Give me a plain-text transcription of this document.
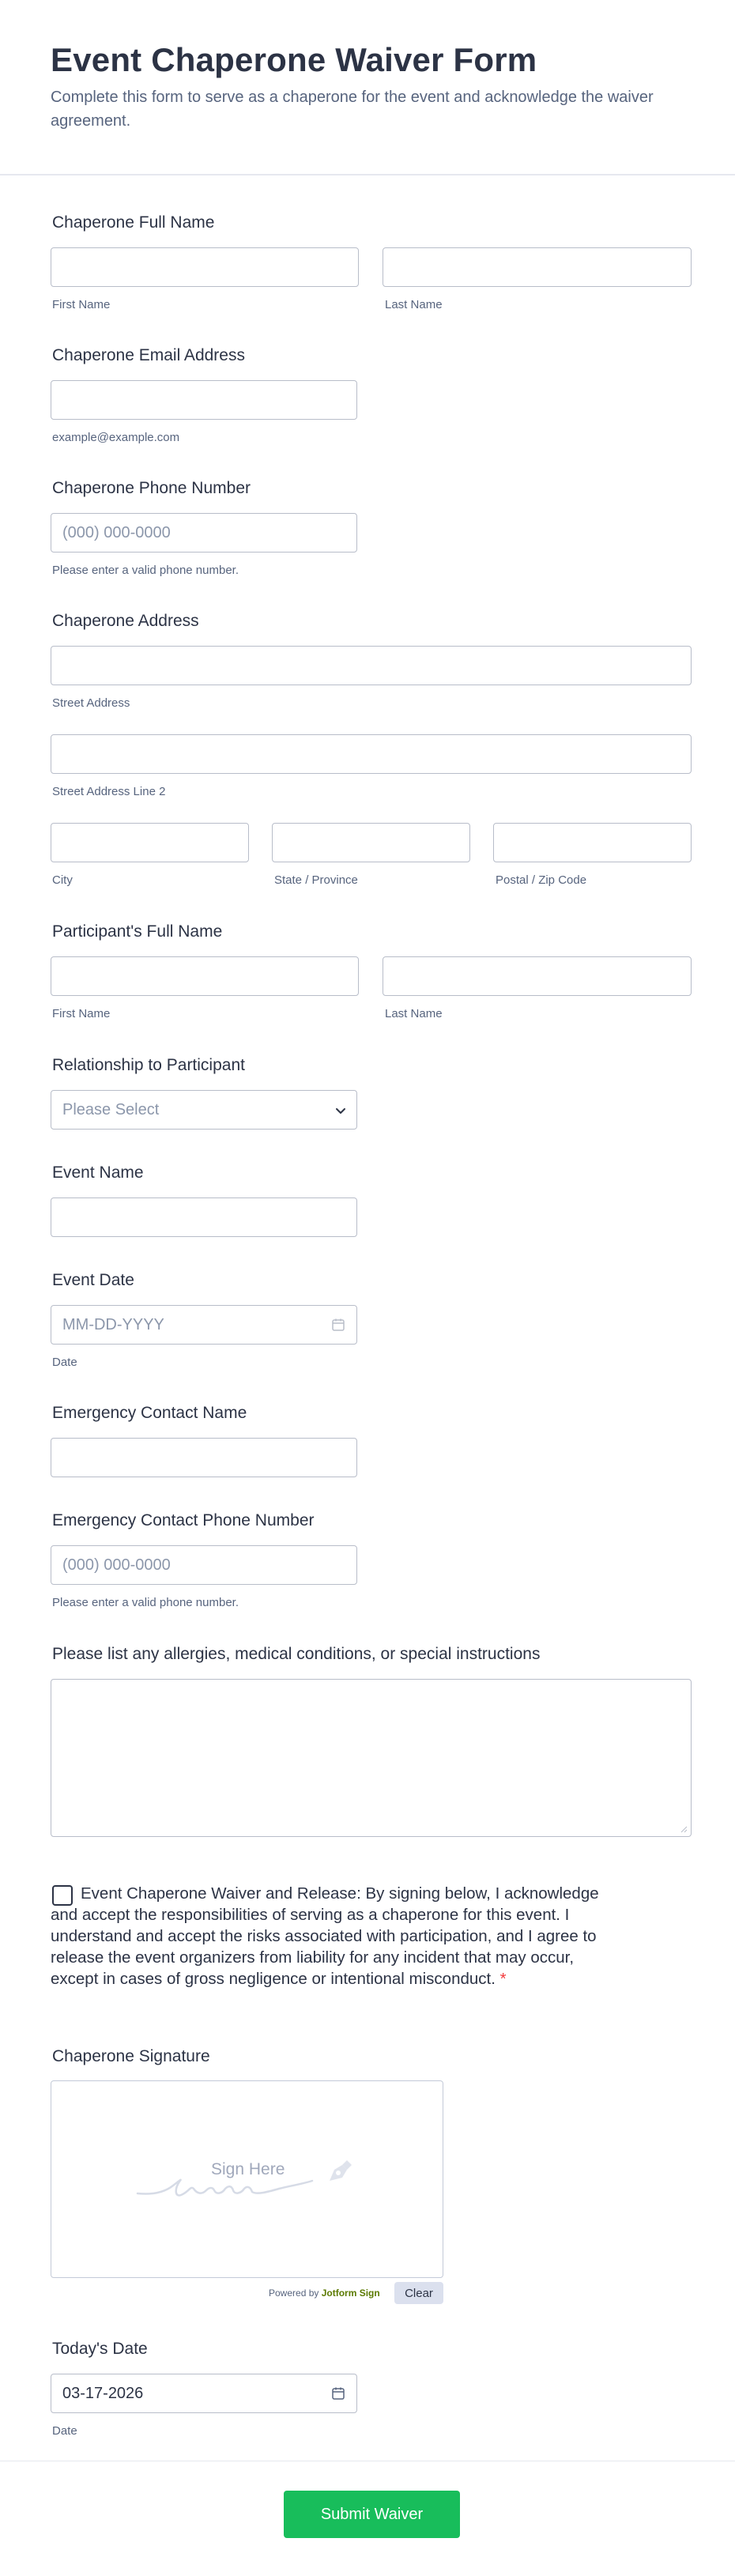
Event Chaperone Waiver Form

Complete this form to serve as a chaperone for the event and acknowledge the waiver agreement.

Chaperone Full Name
First Name	Last Name
Chaperone Email Address
example@example.com
Chaperone Phone Number
(000) 000-0000
Please enter a valid phone number.
Chaperone Address
Street Address
Street Address Line 2
City	State / Province	Postal / Zip Code
Participant's Full Name
First Name	Last Name
Relationship to Participant
Please Select
Event Name
Event Date
MM-DD-YYYY
Date
Emergency Contact Name
Emergency Contact Phone Number
(000) 000-0000
Please enter a valid phone number.
Please list any allergies, medical conditions, or special instructions

Event Chaperone Waiver and Release: By signing below, I acknowledge and accept the responsibilities of serving as a chaperone for this event. I understand and accept the risks associated with participation, and I agree to release the event organizers from liability for any incident that may occur, except in cases of gross negligence or intentional misconduct. *

Chaperone Signature
Sign Here
Powered by Jotform Sign	Clear
Today's Date
03-17-2026
Date
Submit Waiver
